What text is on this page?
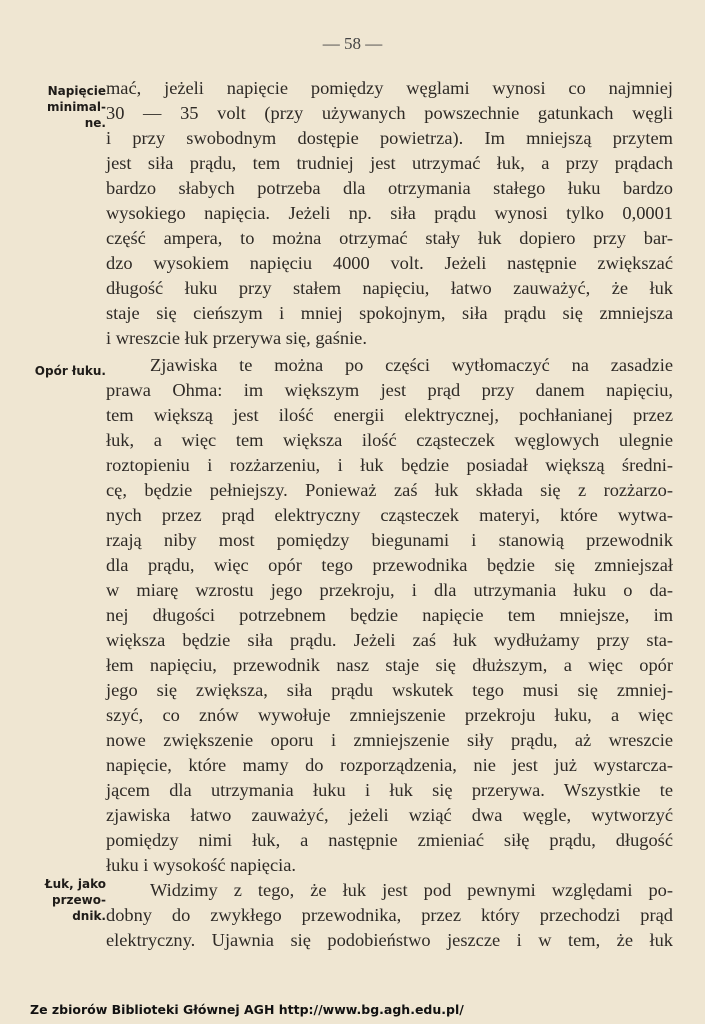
— 58 —
Napięcie
minimal-
ne.
Opór łuku.
Łuk, jako
przewo-
dnik.
mać, jeżeli napięcie pomiędzy węglami wynosi co najmniej
30 — 35 volt (przy używanych powszechnie gatunkach węgli
i przy swobodnym dostępie powietrza). Im mniejszą przytem
jest siła prądu, tem trudniej jest utrzymać łuk, a przy prądach
bardzo słabych potrzeba dla otrzymania stałego łuku bardzo
wysokiego napięcia. Jeżeli np. siła prądu wynosi tylko 0,0001
część ampera, to można otrzymać stały łuk dopiero przy bar-
dzo wysokiem napięciu 4000 volt. Jeżeli następnie zwiększać
długość łuku przy stałem napięciu, łatwo zauważyć, że łuk
staje się cieńszym i mniej spokojnym, siła prądu się zmniejsza
i wreszcie łuk przerywa się, gaśnie.
Zjawiska te można po części wytłomaczyć na zasadzie
prawa Ohma: im większym jest prąd przy danem napięciu,
tem większą jest ilość energii elektrycznej, pochłanianej przez
łuk, a więc tem większa ilość cząsteczek węglowych ulegnie
roztopieniu i rozżarzeniu, i łuk będzie posiadał większą średni-
cę, będzie pełniejszy. Ponieważ zaś łuk składa się z rozżarzo-
nych przez prąd elektryczny cząsteczek materyi, które wytwa-
rzają niby most pomiędzy biegunami i stanowią przewodnik
dla prądu, więc opór tego przewodnika będzie się zmniejszał
w miarę wzrostu jego przekroju, i dla utrzymania łuku o da-
nej długości potrzebnem będzie napięcie tem mniejsze, im
większa będzie siła prądu. Jeżeli zaś łuk wydłużamy przy sta-
łem napięciu, przewodnik nasz staje się dłuższym, a więc opór
jego się zwiększa, siła prądu wskutek tego musi się zmniej-
szyć, co znów wywołuje zmniejszenie przekroju łuku, a więc
nowe zwiększenie oporu i zmniejszenie siły prądu, aż wreszcie
napięcie, które mamy do rozporządzenia, nie jest już wystarcza-
jącem dla utrzymania łuku i łuk się przerywa. Wszystkie te
zjawiska łatwo zauważyć, jeżeli wziąć dwa węgle, wytworzyć
pomiędzy nimi łuk, a następnie zmieniać siłę prądu, długość
łuku i wysokość napięcia.
Widzimy z tego, że łuk jest pod pewnymi względami po-
dobny do zwykłego przewodnika, przez który przechodzi prąd
elektryczny. Ujawnia się podobieństwo jeszcze i w tem, że łuk
Ze zbiorów Biblioteki Głównej AGH http://www.bg.agh.edu.pl/
